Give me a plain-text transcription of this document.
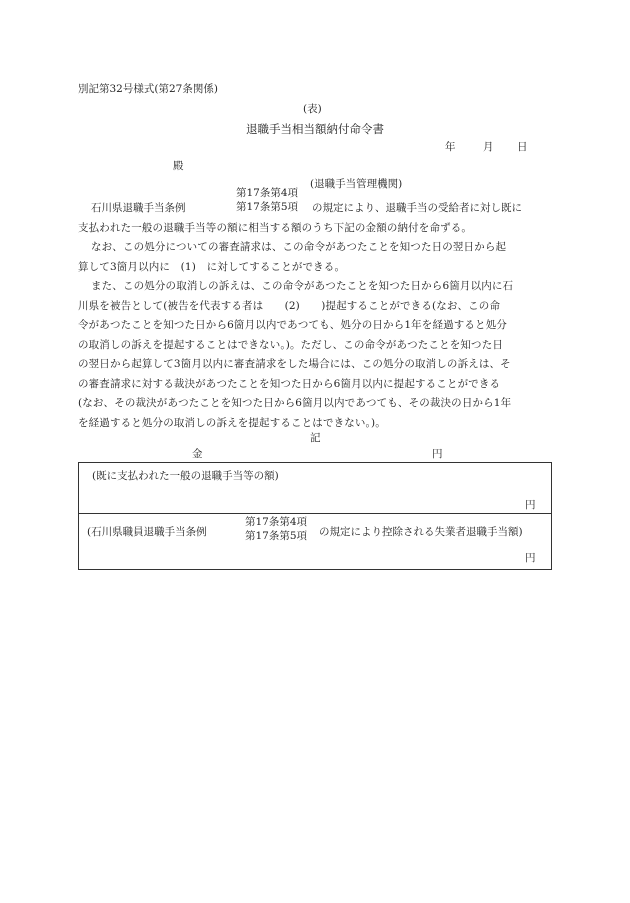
別記第32号様式(第27条関係)
(表)
退職手当相当額納付命令書
年	月 日
殿
(退職手当管理機関)
石川県退職手当条例
第17条第4項
第17条第5項	の規定により、退職手当の受給者に対し既に
支払われた一般の退職手当等の額に相当する額のうち下記の金額の納付を命ずる。
なお、この処分についての審査請求は、この命令があつたことを知つた日の翌日から起
算して3箇月以内に　(1)　に対してすることができる。
また、この処分の取消しの訴えは、この命令があつたことを知つた日から6箇月以内に石
川県を被告として(被告を代表する者は　　(2)　　)提起することができる(なお、この命
令があつたことを知つた日から6箇月以内であつても、処分の日から1年を経過すると処分
の取消しの訴えを提起することはできない。)。ただし、この命令があつたことを知つた日
の翌日から起算して3箇月以内に審査請求をした場合には、この処分の取消しの訴えは、そ
の審査請求に対する裁決があつたことを知つた日から6箇月以内に提起することができる
(なお、その裁決があつたことを知つた日から6箇月以内であつても、その裁決の日から1年
を経過すると処分の取消しの訴えを提起することはできない。)。
記
金	円
(既に支払われた一般の退職手当等の額)
円
(石川県職員退職手当条例
第17条第4項
第17条第5項	の規定により控除される失業者退職手当額)
円
